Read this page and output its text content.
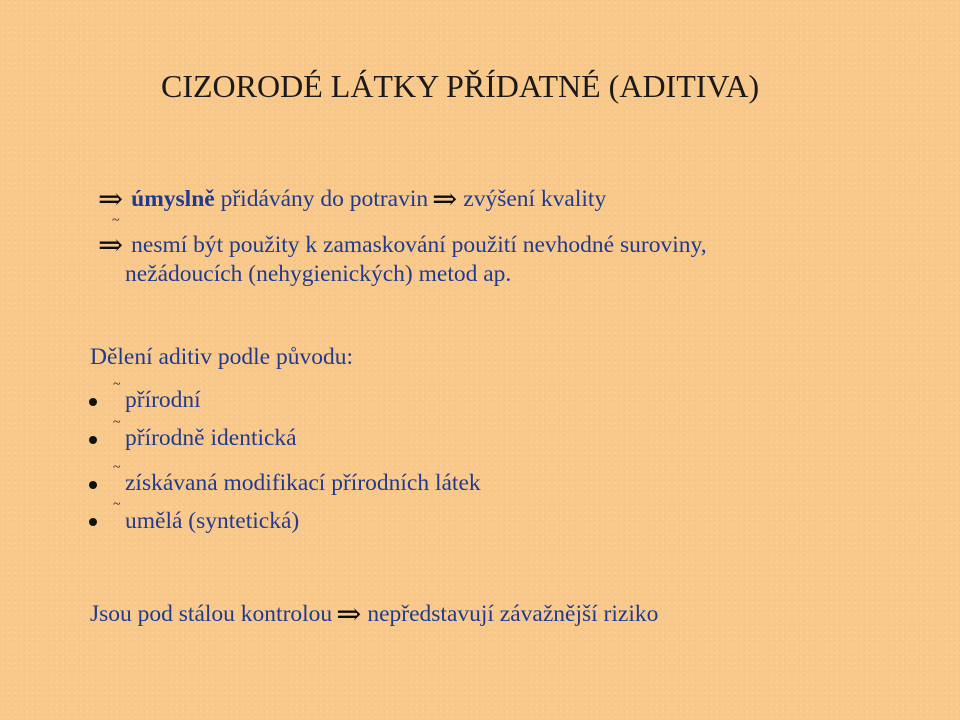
CIZORODÉ LÁTKY PŘÍDATNÉ (ADITIVA)
⇒ úmyslně přidávány do potravin ⇒ zvýšení kvality
~
⇒ nesmí být použity k zamaskování použití nevhodné suroviny,
nežádoucích (nehygienických) metod ap.
Dělení aditiv podle původu:
~
přírodní
~
přírodně identická
~
získávaná modifikací přírodních látek
~
umělá (syntetická)
Jsou pod stálou kontrolou ⇒ nepředstavují závažnější riziko
